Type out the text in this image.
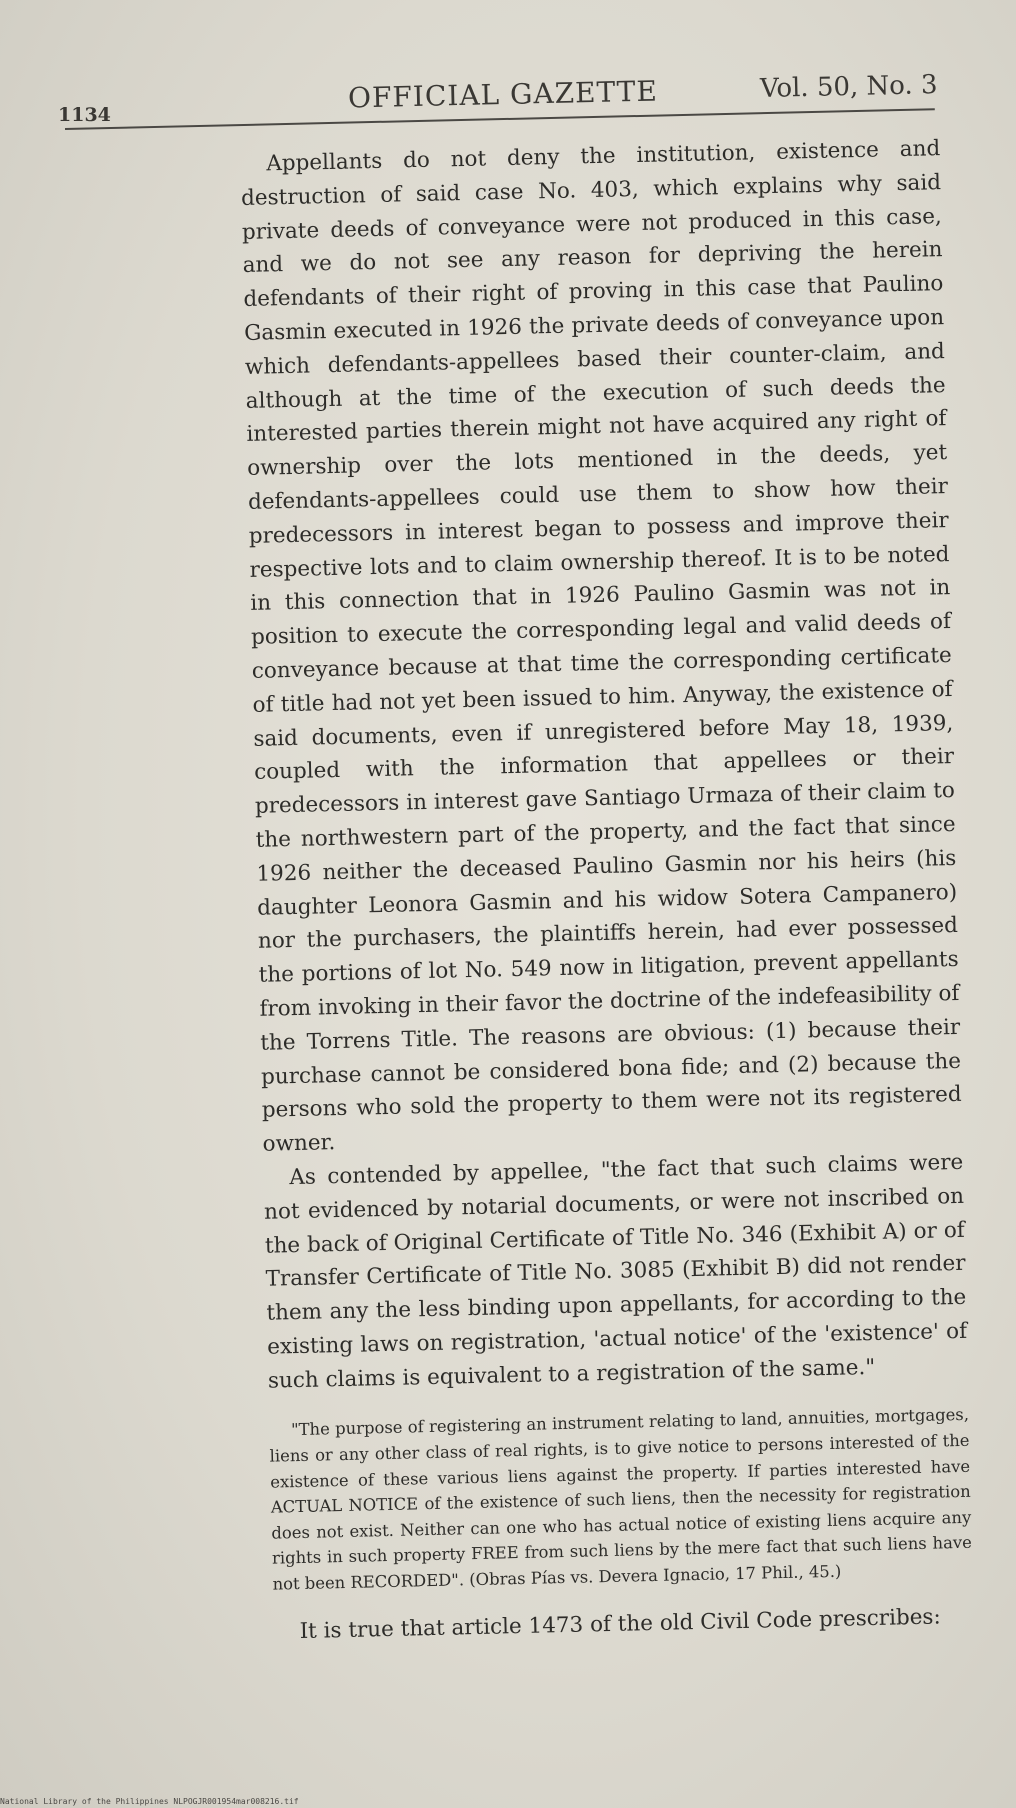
1134
OFFICIAL GAZETTE	Vol. 50, No. 3

Appellants do not deny the institution, existence and destruction of said case No. 403, which explains why said private deeds of conveyance were not produced in this case, and we do not see any reason for depriving the herein defendants of their right of proving in this case that Paulino Gasmin executed in 1926 the private deeds of conveyance upon which defendants-appellees based their counter-claim, and although at the time of the execution of such deeds the interested parties therein might not have acquired any right of ownership over the lots mentioned in the deeds, yet defendants-appellees could use them to show how their predecessors in interest began to possess and improve their respective lots and to claim ownership thereof. It is to be noted in this connection that in 1926 Paulino Gasmin was not in position to execute the corresponding legal and valid deeds of conveyance because at that time the corresponding certificate of title had not yet been issued to him. Anyway, the existence of said documents, even if unregistered before May 18, 1939, coupled with the information that appellees or their predecessors in interest gave Santiago Urmaza of their claim to the northwestern part of the property, and the fact that since 1926 neither the deceased Paulino Gasmin nor his heirs (his daughter Leonora Gasmin and his widow Sotera Campanero) nor the purchasers, the plaintiffs herein, had ever possessed the portions of lot No. 549 now in litigation, prevent appellants from invoking in their favor the doctrine of the indefeasibility of the Torrens Title. The reasons are obvious: (1) because their purchase cannot be considered bona fide; and (2) because the persons who sold the property to them were not its registered owner.

As contended by appellee, "the fact that such claims were not evidenced by notarial documents, or were not inscribed on the back of Original Certificate of Title No. 346 (Exhibit A) or of Transfer Certificate of Title No. 3085 (Exhibit B) did not render them any the less binding upon appellants, for according to the existing laws on registration, 'actual notice' of the 'existence' of such claims is equivalent to a registration of the same."

"The purpose of registering an instrument relating to land, annuities, mortgages, liens or any other class of real rights, is to give notice to persons interested of the existence of these various liens against the property. If parties interested have ACTUAL NOTICE of the existence of such liens, then the necessity for registration does not exist. Neither can one who has actual notice of existing liens acquire any rights in such property FREE from such liens by the mere fact that such liens have not been RECORDED". (Obras Pías vs. Devera Ignacio, 17 Phil., 45.)

It is true that article 1473 of the old Civil Code prescribes:

National Library of the Philippines NLPOGJR001954mar008216.tif
